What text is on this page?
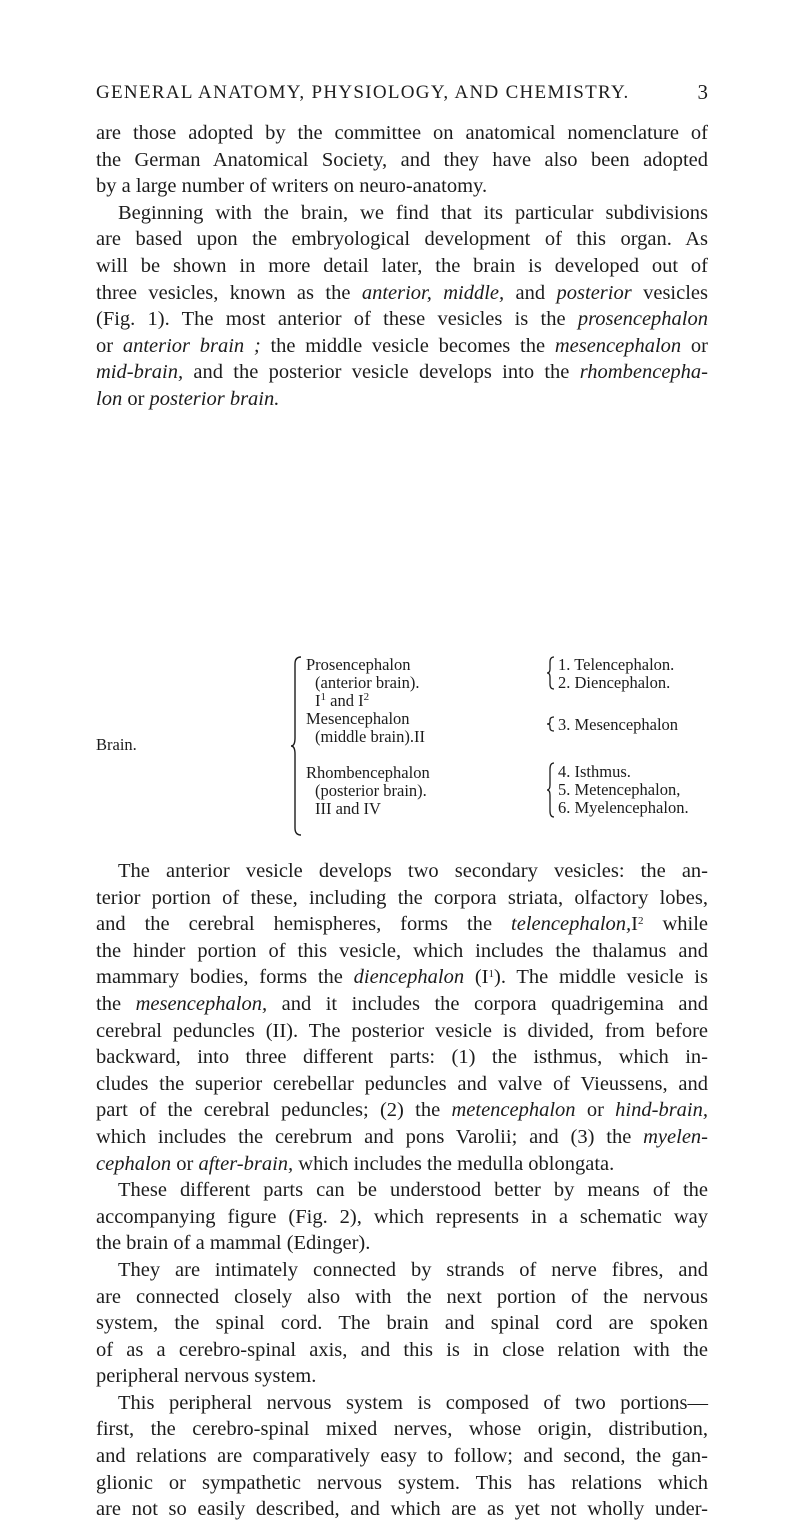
GENERAL ANATOMY, PHYSIOLOGY, AND CHEMISTRY.	3

are those adopted by the committee on anatomical nomenclature of
the German Anatomical Society, and they have also been adopted
by a large number of writers on neuro-anatomy.

Beginning with the brain, we find that its particular subdivisions
are based upon the embryological development of this organ. As
will be shown in more detail later, the brain is developed out of
three vesicles, known as the anterior, middle, and posterior vesicles
(Fig. 1). The most anterior of these vesicles is the prosencephalon
or anterior brain ; the middle vesicle becomes the mesencephalon or
mid-brain, and the posterior vesicle develops into the rhombencepha-
lon or posterior brain.

Brain.
Prosencephalon
(anterior brain).
$I^1$ and $I^2$
Mesencephalon
(middle brain).II
Rhombencephalon
(posterior brain).
III and IV
1. Telencephalon.
2. Diencephalon.
3. Mesencephalon
4. Isthmus.
5. Metencephalon,
6. Myelencephalon.

The anterior vesicle develops two secondary vesicles: the an-
terior portion of these, including the corpora striata, olfactory lobes,
and the cerebral hemispheres, forms the $telencephalon,I^2$ while
the hinder portion of this vesicle, which includes the thalamus and
mammary bodies, forms the diencephalon $(I^1)$. The middle vesicle is
the mesencephalon, and it includes the corpora quadrigemina and
cerebral peduncles (II). The posterior vesicle is divided, from before
backward, into three different parts: (1) the isthmus, which in-
cludes the superior cerebellar peduncles and valve of Vieussens, and
part of the cerebral peduncles; (2) the metencephalon or hind-brain,
which includes the cerebrum and pons Varolii; and (3) the myelen-
cephalon or after-brain, which includes the medulla oblongata.

These different parts can be understood better by means of the
accompanying figure (Fig. 2), which represents in a schematic way
the brain of a mammal (Edinger).

They are intimately connected by strands of nerve fibres, and
are connected closely also with the next portion of the nervous
system, the spinal cord. The brain and spinal cord are spoken
of as a cerebro-spinal axis, and this is in close relation with the
peripheral nervous system.

This peripheral nervous system is composed of two portions—
first, the cerebro-spinal mixed nerves, whose origin, distribution,
and relations are comparatively easy to follow; and second, the gan-
glionic or sympathetic nervous system. This has relations which
are not so easily described, and which are as yet not wholly under-
